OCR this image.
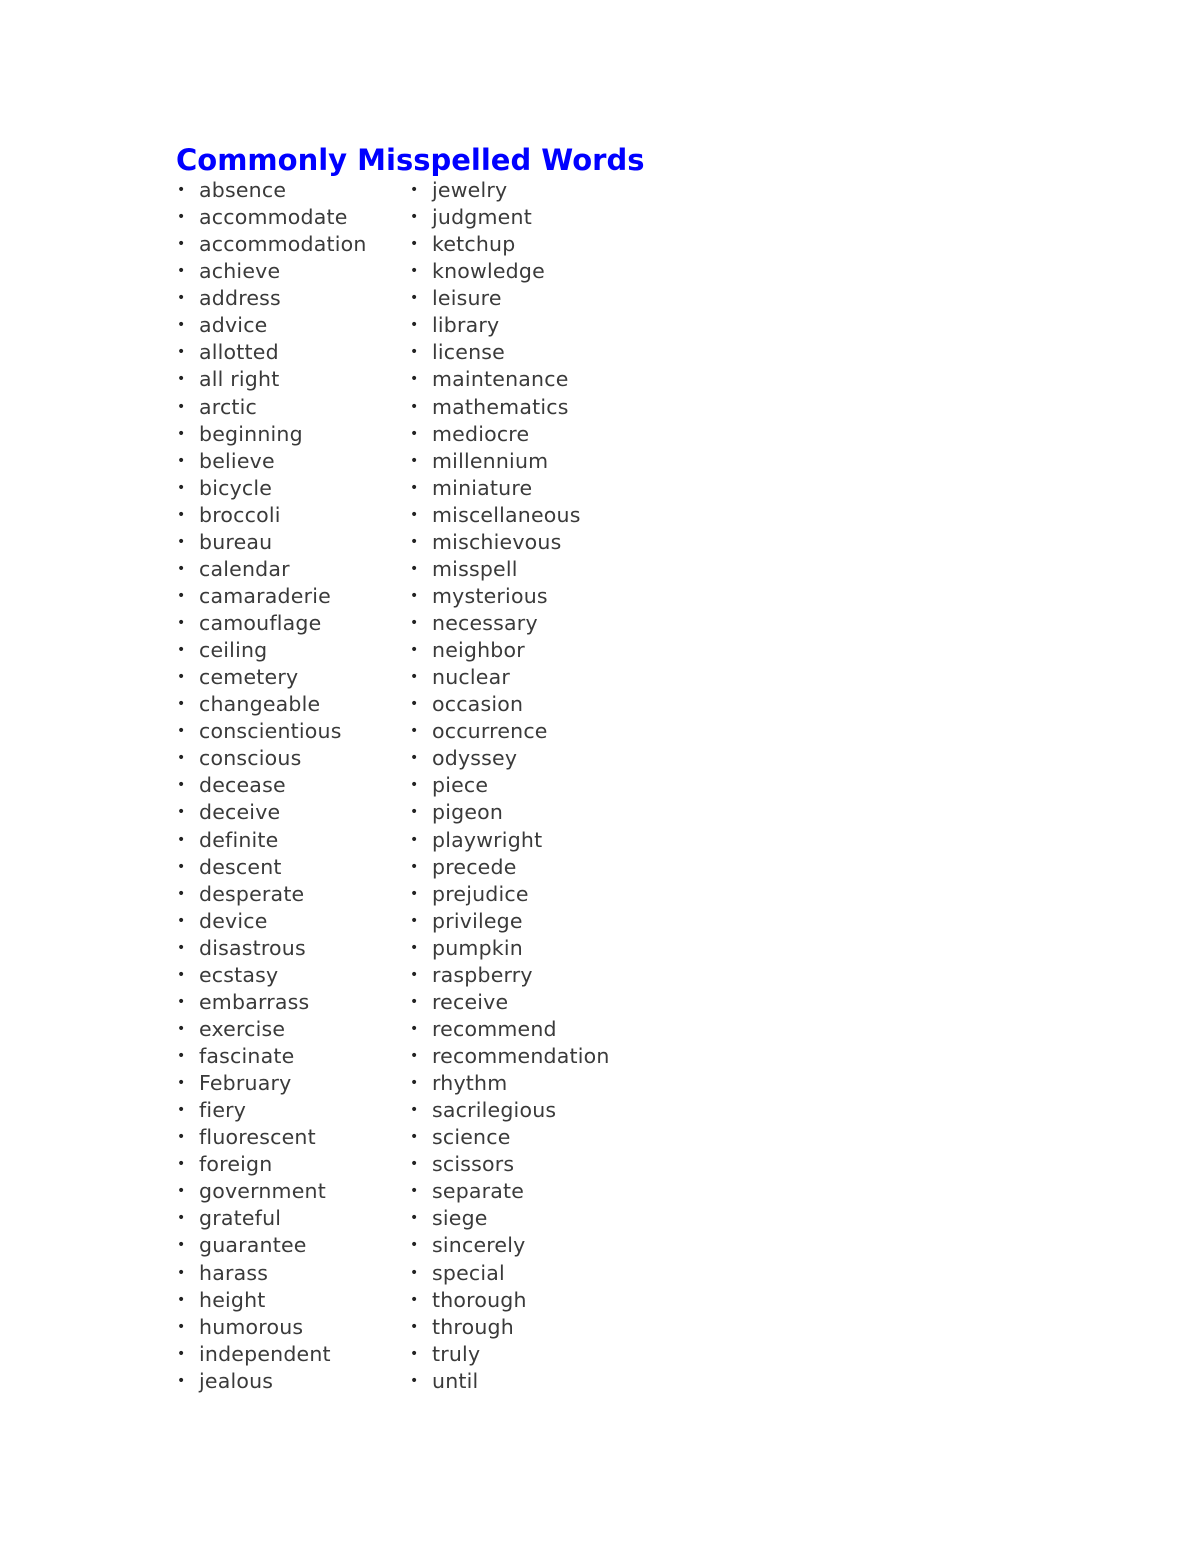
Commonly Misspelled Words
• absence
• accommodate
• accommodation
• achieve
• address
• advice
• allotted
• all right
• arctic
• beginning
• believe
• bicycle
• broccoli
• bureau
• calendar
• camaraderie
• camouflage
• ceiling
• cemetery
• changeable
• conscientious
• conscious
• decease
• deceive
• definite
• descent
• desperate
• device
• disastrous
• ecstasy
• embarrass
• exercise
• fascinate
• February
• fiery
• fluorescent
• foreign
• government
• grateful
• guarantee
• harass
• height
• humorous
• independent
• jealous
• jewelry
• judgment
• ketchup
• knowledge
• leisure
• library
• license
• maintenance
• mathematics
• mediocre
• millennium
• miniature
• miscellaneous
• mischievous
• misspell
• mysterious
• necessary
• neighbor
• nuclear
• occasion
• occurrence
• odyssey
• piece
• pigeon
• playwright
• precede
• prejudice
• privilege
• pumpkin
• raspberry
• receive
• recommend
• recommendation
• rhythm
• sacrilegious
• science
• scissors
• separate
• siege
• sincerely
• special
• thorough
• through
• truly
• until
